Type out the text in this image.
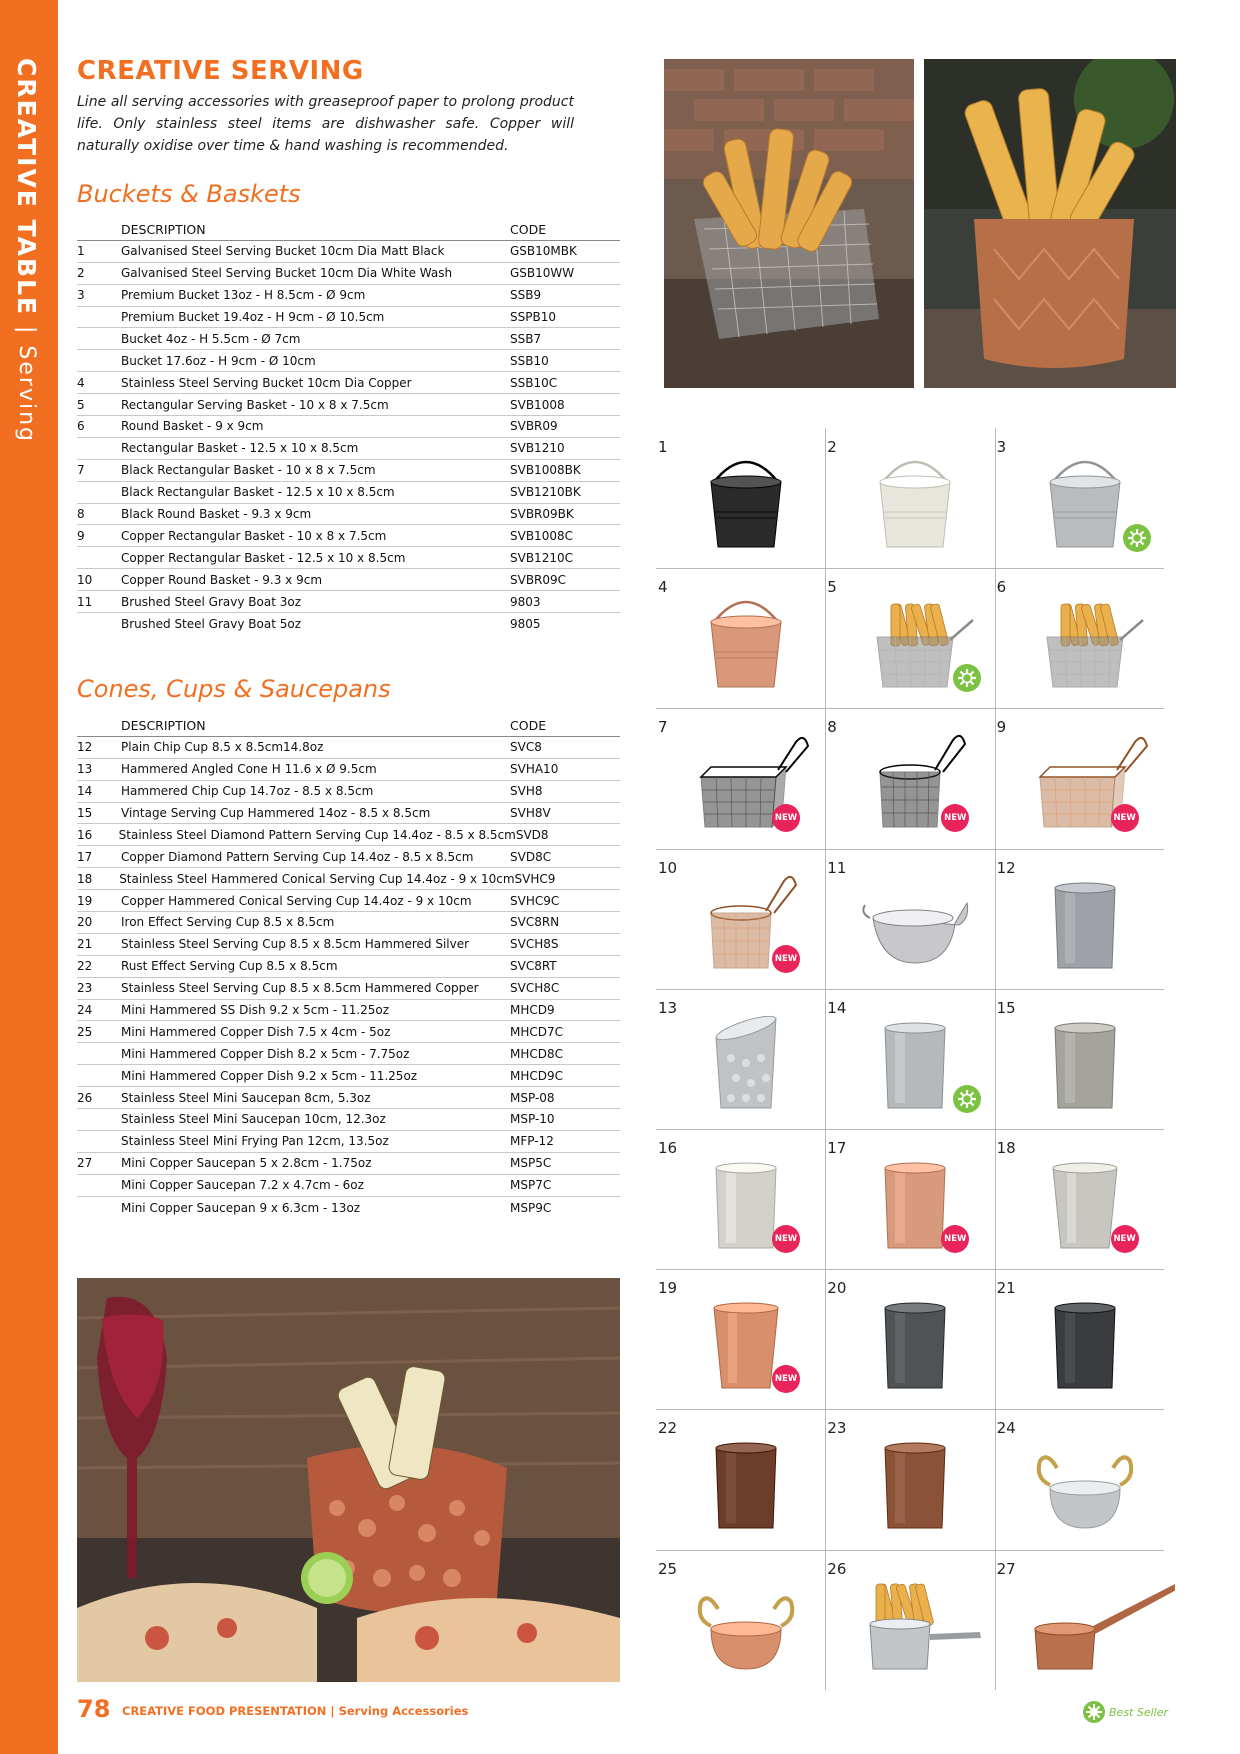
CREATIVE TABLE | Serving
CREATIVE SERVING
Line all serving accessories with greaseproof paper to prolong product life. Only stainless steel items are dishwasher safe. Copper will naturally oxidise over time & hand washing is recommended.
Buckets & Baskets
DESCRIPTION	CODE
1	Galvanised Steel Serving Bucket 10cm Dia Matt Black	GSB10MBK
2	Galvanised Steel Serving Bucket 10cm Dia White Wash	GSB10WW
3	Premium Bucket 13oz - H 8.5cm - Ø 9cm	SSB9
Premium Bucket 19.4oz - H 9cm - Ø 10.5cm	SSPB10
Bucket 4oz - H 5.5cm - Ø 7cm	SSB7
Bucket 17.6oz - H 9cm - Ø 10cm	SSB10
4	Stainless Steel Serving Bucket 10cm Dia Copper	SSB10C
5	Rectangular Serving Basket - 10 x 8 x 7.5cm	SVB1008
6	Round Basket - 9 x 9cm	SVBR09
Rectangular Basket - 12.5 x 10 x 8.5cm	SVB1210
7	Black Rectangular Basket - 10 x 8 x 7.5cm	SVB1008BK
Black Rectangular Basket - 12.5 x 10 x 8.5cm	SVB1210BK
8	Black Round Basket - 9.3 x 9cm	SVBR09BK
9	Copper Rectangular Basket - 10 x 8 x 7.5cm	SVB1008C
Copper Rectangular Basket - 12.5 x 10 x 8.5cm	SVB1210C
10	Copper Round Basket - 9.3 x 9cm	SVBR09C
11	Brushed Steel Gravy Boat 3oz	9803
Brushed Steel Gravy Boat 5oz	9805
Cones, Cups & Saucepans
DESCRIPTION	CODE
12	Plain Chip Cup 8.5 x 8.5cm14.8oz	SVC8
13	Hammered Angled Cone H 11.6 x Ø 9.5cm	SVHA10
14	Hammered Chip Cup 14.7oz - 8.5 x 8.5cm	SVH8
15	Vintage Serving Cup Hammered 14oz - 8.5 x 8.5cm	SVH8V
16	Stainless Steel Diamond Pattern Serving Cup 14.4oz - 8.5 x 8.5cm SVD8
17	Copper Diamond Pattern Serving Cup 14.4oz - 8.5 x 8.5cm	SVD8C
18	Stainless Steel Hammered Conical Serving Cup 14.4oz - 9 x 10cm SVHC9
19	Copper Hammered Conical Serving Cup 14.4oz - 9 x 10cm	SVHC9C
20	Iron Effect Serving Cup 8.5 x 8.5cm	SVC8RN
21	Stainless Steel Serving Cup 8.5 x 8.5cm Hammered Silver	SVCH8S
22	Rust Effect Serving Cup 8.5 x 8.5cm	SVC8RT
23	Stainless Steel Serving Cup 8.5 x 8.5cm Hammered Copper	SVCH8C
24	Mini Hammered SS Dish 9.2 x 5cm - 11.25oz	MHCD9
25	Mini Hammered Copper Dish 7.5 x 4cm - 5oz	MHCD7C
Mini Hammered Copper Dish 8.2 x 5cm - 7.75oz	MHCD8C
Mini Hammered Copper Dish 9.2 x 5cm - 11.25oz	MHCD9C
26	Stainless Steel Mini Saucepan 8cm, 5.3oz	MSP-08
Stainless Steel Mini Saucepan 10cm, 12.3oz	MSP-10
Stainless Steel Mini Frying Pan 12cm, 13.5oz	MFP-12
27	Mini Copper Saucepan 5 x 2.8cm - 1.75oz	MSP5C
Mini Copper Saucepan 7.2 x 4.7cm - 6oz	MSP7C
Mini Copper Saucepan 9 x 6.3cm - 13oz	MSP9C
1	2	3
4	5	6
7
NEW
8
NEW
9
NEW
10
NEW
11	12
13	14	15
16
NEW
17
NEW
18
NEW
19
NEW
20	21
22	23	24
25	26	27
78 CREATIVE FOOD PRESENTATION | Serving Accessories	Best Seller
